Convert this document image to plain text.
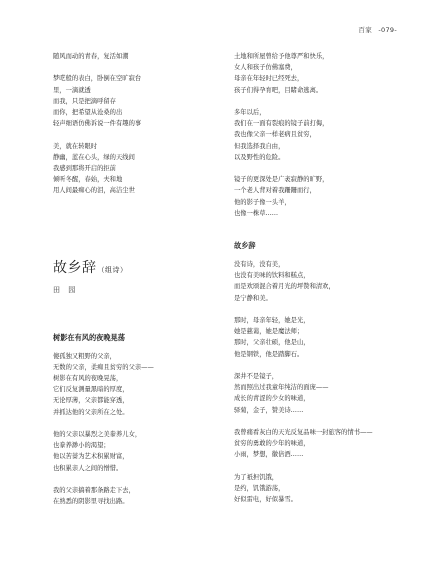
百家 -079-
随风而动的青春，复活如潮
梦呓般的表白，卧倒在空旷寂台
里，一滴就透
而我，只是把滴呼留存
而你，把希望从沧桑的出
轻声细语仿佛诉说一件有趣的事
美，就在转眼时
静幽，蓝在心头，绿的天线间
我感到那将开启的拒前
倾听冬醒，春始，夫和地
用人间最痴心的泪，高洁尘世
故乡辞（组诗）
田 园
树影在有风的夜晚晃荡
傻孤独又粗野的父亲，
无数的父亲，柔痴且贫穷的父亲——
树影在有风的夜晚晃荡，
它们反复测量黑暗的厚度，
无论厚薄，父亲都能穿透，
并抓达他的父亲所在之处。
他的父亲以暴烈之美豢养儿女，
也豢养渺小的渴望；
他以苦蔷为艺术积累财富，
也积累亲人之间的憎惜。
我的父亲搞着那条路走下去，
在熟悉的阴影里寻找出路。
土地和所屋曾给予他尊严和快乐，
女人和孩子仿佛塞费，
母亲在年轻时已经死去，
孩子们得孕育吧，目睹命逃离。
多年以后，
我们在一面有裂痕的镜子前打侮，
我也像父亲一样老病且贫穷，
但我选择我自由，
以及野性的危险。
镜子的更深处是广袤寂静的旷野，
一个老人背对着我跚跚而行，
他的影子像一头羊，
也像一株草……
故乡辞
没有诗，没有美，
也没有美味的饮料和糕点，
而是欢颂混合着月光的坪赞和清欢，
是宁静和美。
那时，母亲年轻，她是光，
她是慈蔼，她是魔法师；
那时，父亲壮硕，他是山，
他是钢铁，他是踏脚石。
深井不是镜子，
然而照出过我童年纯洁的面庞——
成长的青涩的少女的味道，
驿菊，金子，赞美诗……
我曾痛看灰白的天光反复品味一封旅客的情书——
贫穷的勇敢的少年的味道，
小雨，梦想，徽倍酒……
为了祇担饥饿，
是约，饥饿游荡，
好似雷电，好似暴雪。
